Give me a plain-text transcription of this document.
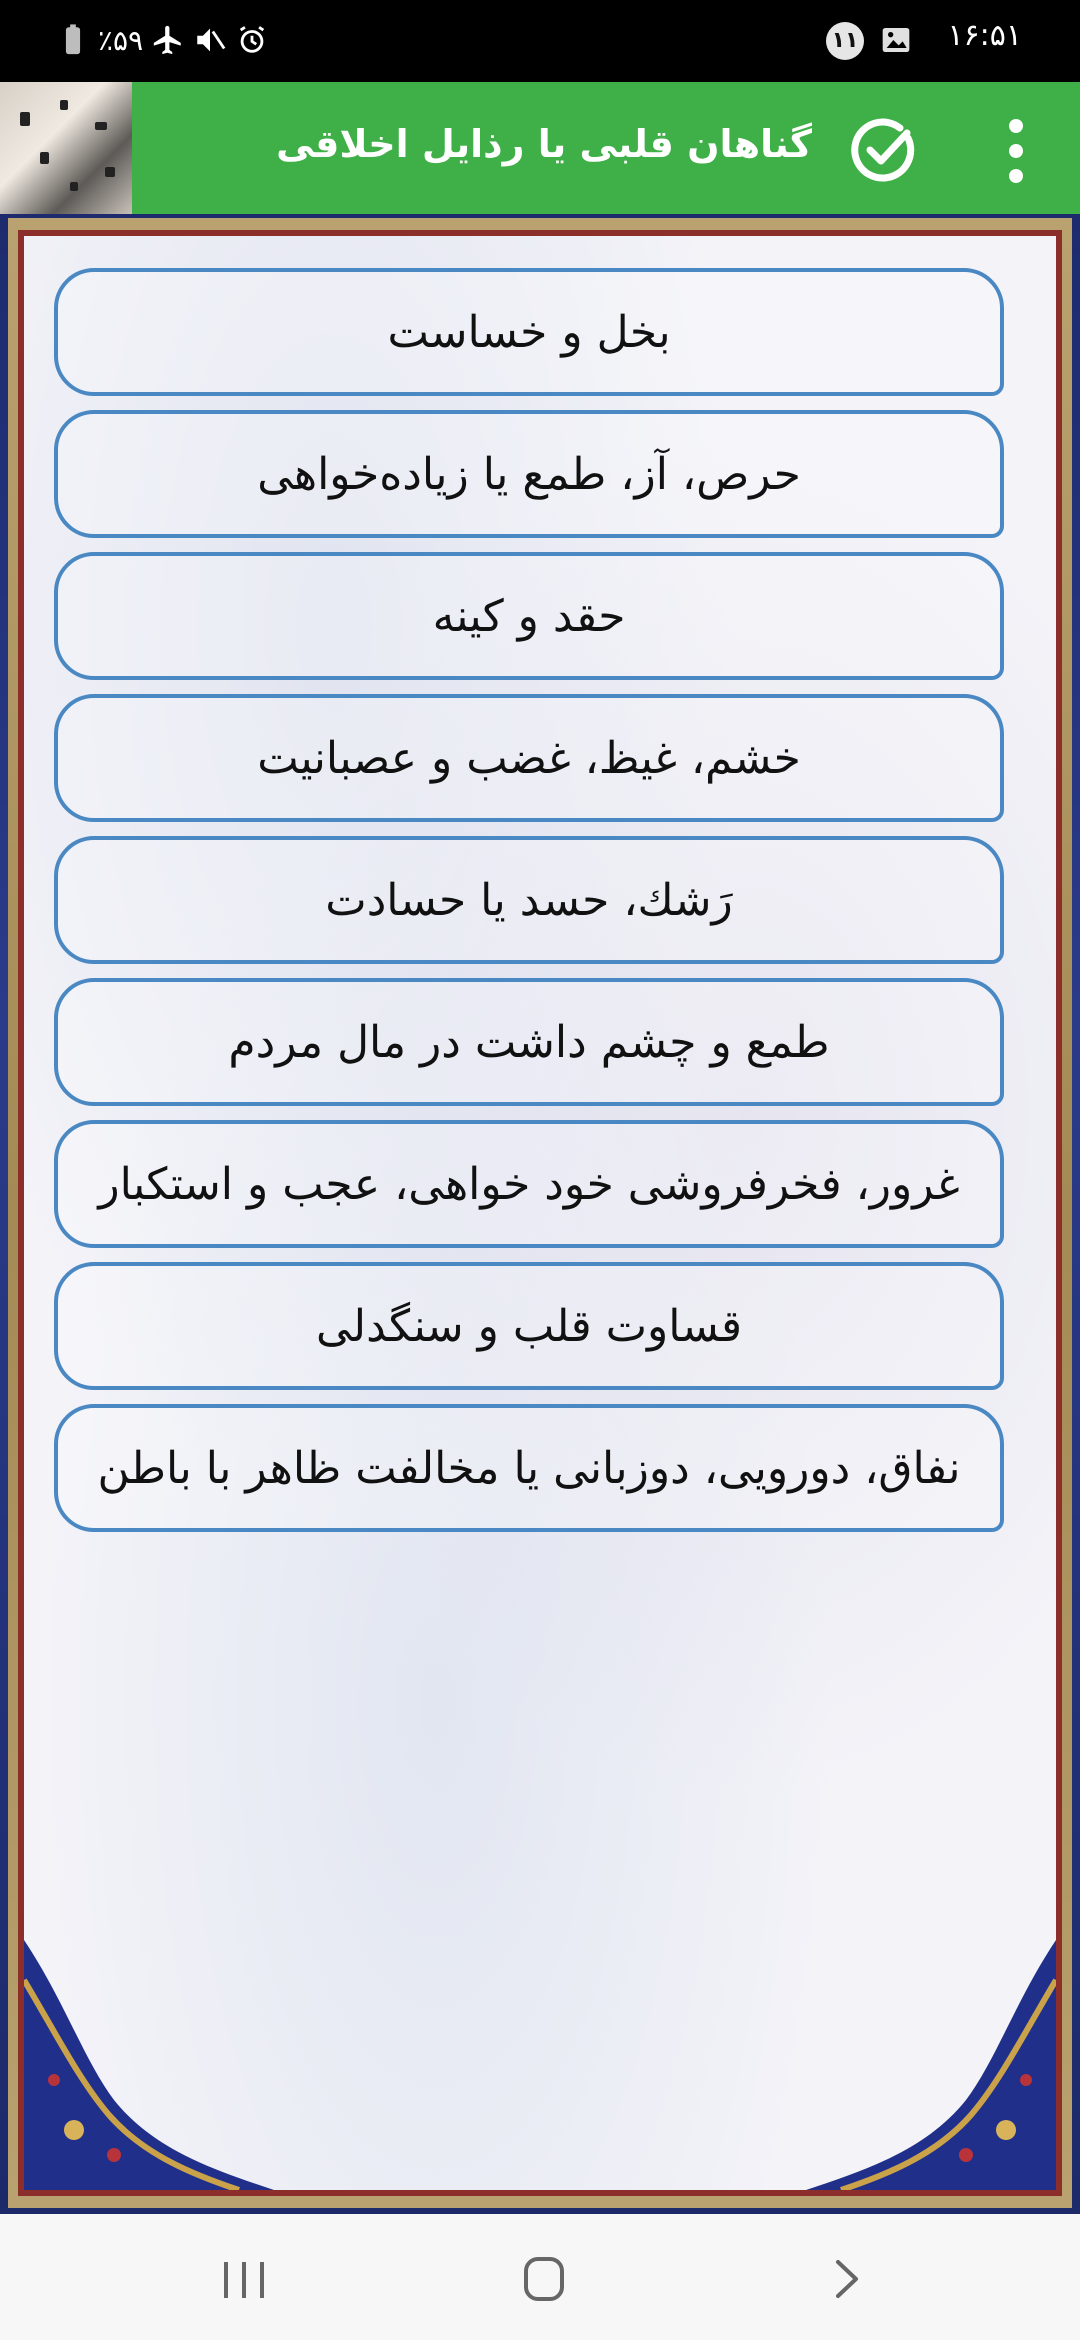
٪۵۹	۱۱	۱۶:۵۱
گناهان قلبی یا رذایل اخلاقی
بخل و خساست
حرص، آز، طمع یا زیاده‌خواهی
حقد و کینه
خشم، غیظ، غضب و عصبانیت
رَشك، حسد یا حسادت
طمع و چشم داشت در مال مردم
غرور، فخرفروشی خود خواهی، عجب و استکبار
قساوت قلب و سنگدلی
نفاق، دورویی، دوزبانی یا مخالفت ظاهر با باطن
